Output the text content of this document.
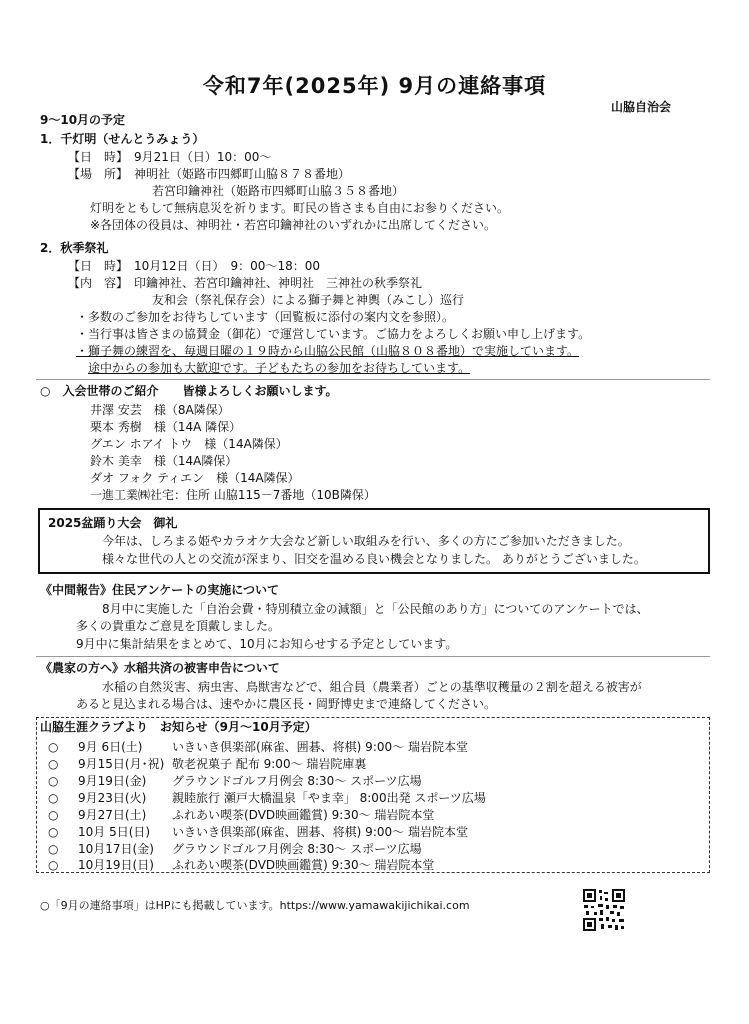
令和7年(2025年) 9月の連絡事項
山脇自治会
9～10月の予定
1．千灯明（せんとうみょう）
【日　時】　9月21日（日）10：00～
【場　所】　神明社（姫路市四郷町山脇８７８番地）
若宮印鑰神社（姫路市四郷町山脇３５８番地）
灯明をともして無病息災を祈ります。町民の皆さまも自由にお参りください。
※各団体の役員は、神明社・若宮印鑰神社のいずれかに出席してください。
2．秋季祭礼
【日　時】　10月12日（日）　9：00～18：00
【内　容】　印鑰神社、若宮印鑰神社、神明社　三神社の秋季祭礼
友和会（祭礼保存会）による獅子舞と神輿（みこし）巡行
・多数のご参加をお待ちしています（回覧板に添付の案内文を参照）。
・当行事は皆さまの協賛金（御花）で運営しています。ご協力をよろしくお願い申し上げます。
・獅子舞の練習を、毎週日曜の１９時から山脇公民館（山脇８０８番地）で実施しています。
途中からの参加も大歓迎です。子どもたちの参加をお待ちしています。
○　入会世帯のご紹介　　皆様よろしくお願いします。
井澤 安芸　様（8A隣保）
栗本 秀樹　様（14A 隣保）
グエン ホアイ トウ　様（14A隣保）
鈴木 美幸　様（14A隣保）
ダオ フォク ティエン　様（14A隣保）
一進工業㈱社宅：住所 山脇115－7番地（10B隣保）
2025盆踊り大会　御礼
今年は、しろまる姫やカラオケ大会など新しい取組みを行い、多くの方にご参加いただきました。
様々な世代の人との交流が深まり、旧交を温める良い機会となりました。 ありがとうございました。
《中間報告》住民アンケートの実施について
8月中に実施した「自治会費・特別積立金の減額」と「公民館のあり方」についてのアンケートでは、
多くの貴重なご意見を頂戴しました。
9月中に集計結果をまとめて、10月にお知らせする予定としています。
《農家の方へ》水稲共済の被害申告について
水稲の自然災害、病虫害、鳥獣害などで、組合員（農業者）ごとの基準収穫量の２割を超える被害が
あると見込まれる場合は、速やかに農区長・岡野博史まで連絡してください。
山脇生涯クラブより　お知らせ（9月～10月予定）
○ 9月 6日(土) いきいき倶楽部(麻雀、囲碁、将棋) 9:00～ 瑞岩院本堂
○ 9月15日(月･祝) 敬老祝菓子 配布 9:00～ 瑞岩院庫裏
○ 9月19日(金) グラウンドゴルフ月例会 8:30～ スポーツ広場
○ 9月23日(火) 親睦旅行 瀬戸大橋温泉「やま幸」 8:00出発 スポーツ広場
○ 9月27日(土) ふれあい喫茶(DVD映画鑑賞) 9:30～ 瑞岩院本堂
○ 10月 5日(日) いきいき倶楽部(麻雀、囲碁、将棋) 9:00～ 瑞岩院本堂
○ 10月17日(金) グラウンドゴルフ月例会 8:30～ スポーツ広場
○ 10月19日(日) ふれあい喫茶(DVD映画鑑賞) 9:30～ 瑞岩院本堂
○「9月の連絡事項」はHPにも掲載しています。https://www.yamawakijichikai.com
